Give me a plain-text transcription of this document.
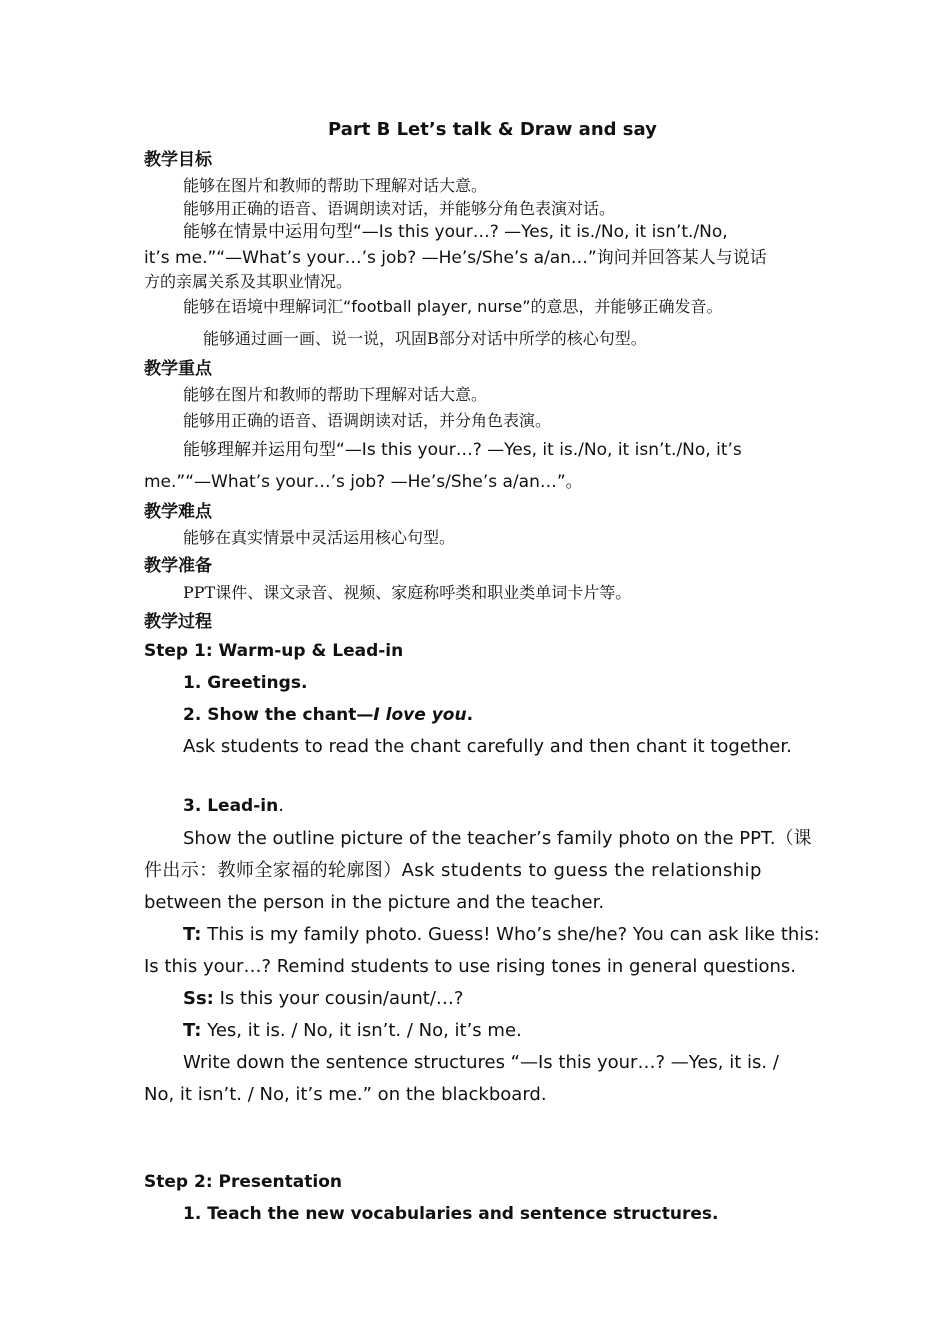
Part B Let’s talk & Draw and say
教学目标
能够在图片和教师的帮助下理解对话大意。
能够用正确的语音、语调朗读对话，并能够分角色表演对话。
能够在情景中运用句型“—Is this your…? —Yes, it is./No, it isn’t./No,
it’s me.”“—What’s your…’s job? —He’s/She’s a/an…”询问并回答某人与说话
方的亲属关系及其职业情况。
能够在语境中理解词汇“football player, nurse”的意思，并能够正确发音。
能够通过画一画、说一说，巩固B部分对话中所学的核心句型。
教学重点
能够在图片和教师的帮助下理解对话大意。
能够用正确的语音、语调朗读对话，并分角色表演。
能够理解并运用句型“—Is this your…? —Yes, it is./No, it isn’t./No, it’s
me.”“—What’s your…’s job? —He’s/She’s a/an…”。
教学难点
能够在真实情景中灵活运用核心句型。
教学准备
PPT课件、课文录音、视频、家庭称呼类和职业类单词卡片等。
教学过程
Step 1: Warm-up & Lead-in
1. Greetings.
2. Show the chant—I love you.
Ask students to read the chant carefully and then chant it together.
3. Lead-in.
Show the outline picture of the teacher’s family photo on the PPT.（课
件出示：教师全家福的轮廓图）Ask students to guess the relationship
between the person in the picture and the teacher.
T: This is my family photo. Guess! Who’s she/he? You can ask like this:
Is this your…? Remind students to use rising tones in general questions.
Ss: Is this your cousin/aunt/…?
T: Yes, it is. / No, it isn’t. / No, it’s me.
Write down the sentence structures “—Is this your…? —Yes, it is. /
No, it isn’t. / No, it’s me.” on the blackboard.
Step 2: Presentation
1. Teach the new vocabularies and sentence structures.
